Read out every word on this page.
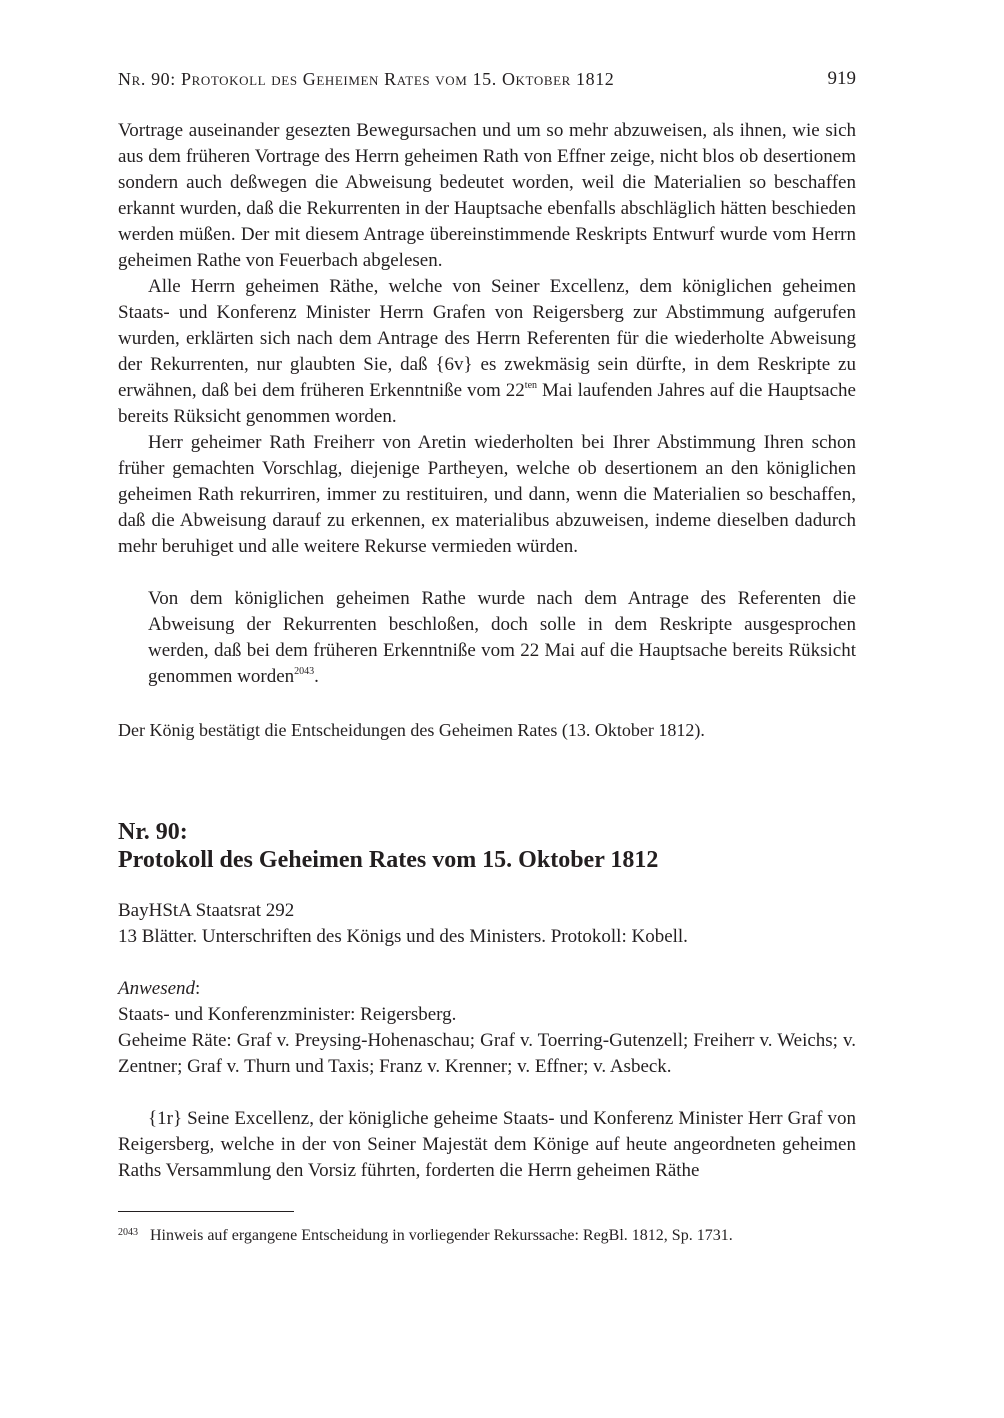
Nr. 90: Protokoll des Geheimen Rates vom 15. Oktober 1812	919

Vortrage auseinander gesezten Bewegursachen und um so mehr abzuweisen, als ihnen, wie sich aus dem früheren Vortrage des Herrn geheimen Rath von Effner zeige, nicht blos ob desertionem sondern auch deßwegen die Abweisung bedeutet worden, weil die Materialien so beschaffen erkannt wurden, daß die Rekurrenten in der Hauptsache ebenfalls abschläglich hätten beschieden werden müßen. Der mit diesem Antrage übereinstimmende Reskripts Entwurf wurde vom Herrn geheimen Rathe von Feuerbach abgelesen.

Alle Herrn geheimen Räthe, welche von Seiner Excellenz, dem königlichen geheimen Staats- und Konferenz Minister Herrn Grafen von Reigersberg zur Abstimmung aufgerufen wurden, erklärten sich nach dem Antrage des Herrn Referenten für die wiederholte Abweisung der Rekurrenten, nur glaubten Sie, daß {6v} es zwekmäsig sein dürfte, in dem Reskripte zu erwähnen, daß bei dem früheren Erkenntniße vom $22^{ten}$ Mai laufenden Jahres auf die Hauptsache bereits Rüksicht genommen worden.

Herr geheimer Rath Freiherr von Aretin wiederholten bei Ihrer Abstimmung Ihren schon früher gemachten Vorschlag, diejenige Partheyen, welche ob desertionem an den königlichen geheimen Rath rekurriren, immer zu restituiren, und dann, wenn die Materialien so beschaffen, daß die Abweisung darauf zu erkennen, ex materialibus abzuweisen, indeme dieselben dadurch mehr beruhiget und alle weitere Rekurse vermieden würden.

Von dem königlichen geheimen Rathe wurde nach dem Antrage des Referenten die Abweisung der Rekurrenten beschloßen, doch solle in dem Reskripte ausgesprochen werden, daß bei dem früheren Erkenntniße vom 22 Mai auf die Hauptsache bereits Rüksicht genommen worden$^{2043}$.

Der König bestätigt die Entscheidungen des Geheimen Rates (13. Oktober 1812).
Nr. 90:
Protokoll des Geheimen Rates vom 15. Oktober 1812
BayHStA Staatsrat 292
13 Blätter. Unterschriften des Königs und des Ministers. Protokoll: Kobell.
Anwesend:
Staats- und Konferenzminister: Reigersberg.

Geheime Räte: Graf v. Preysing-Hohenaschau; Graf v. Toerring-Gutenzell; Freiherr v. Weichs; v. Zentner; Graf v. Thurn und Taxis; Franz v. Krenner; v. Effner; v. Asbeck.

{1r} Seine Excellenz, der königliche geheime Staats- und Konferenz Minister Herr Graf von Reigersberg, welche in der von Seiner Majestät dem Könige auf heute angeordneten geheimen Raths Versammlung den Vorsiz führten, forderten die Herrn geheimen Räthe

$^{2043}$ Hinweis auf ergangene Entscheidung in vorliegender Rekurssache: RegBl. 1812, Sp. 1731.
